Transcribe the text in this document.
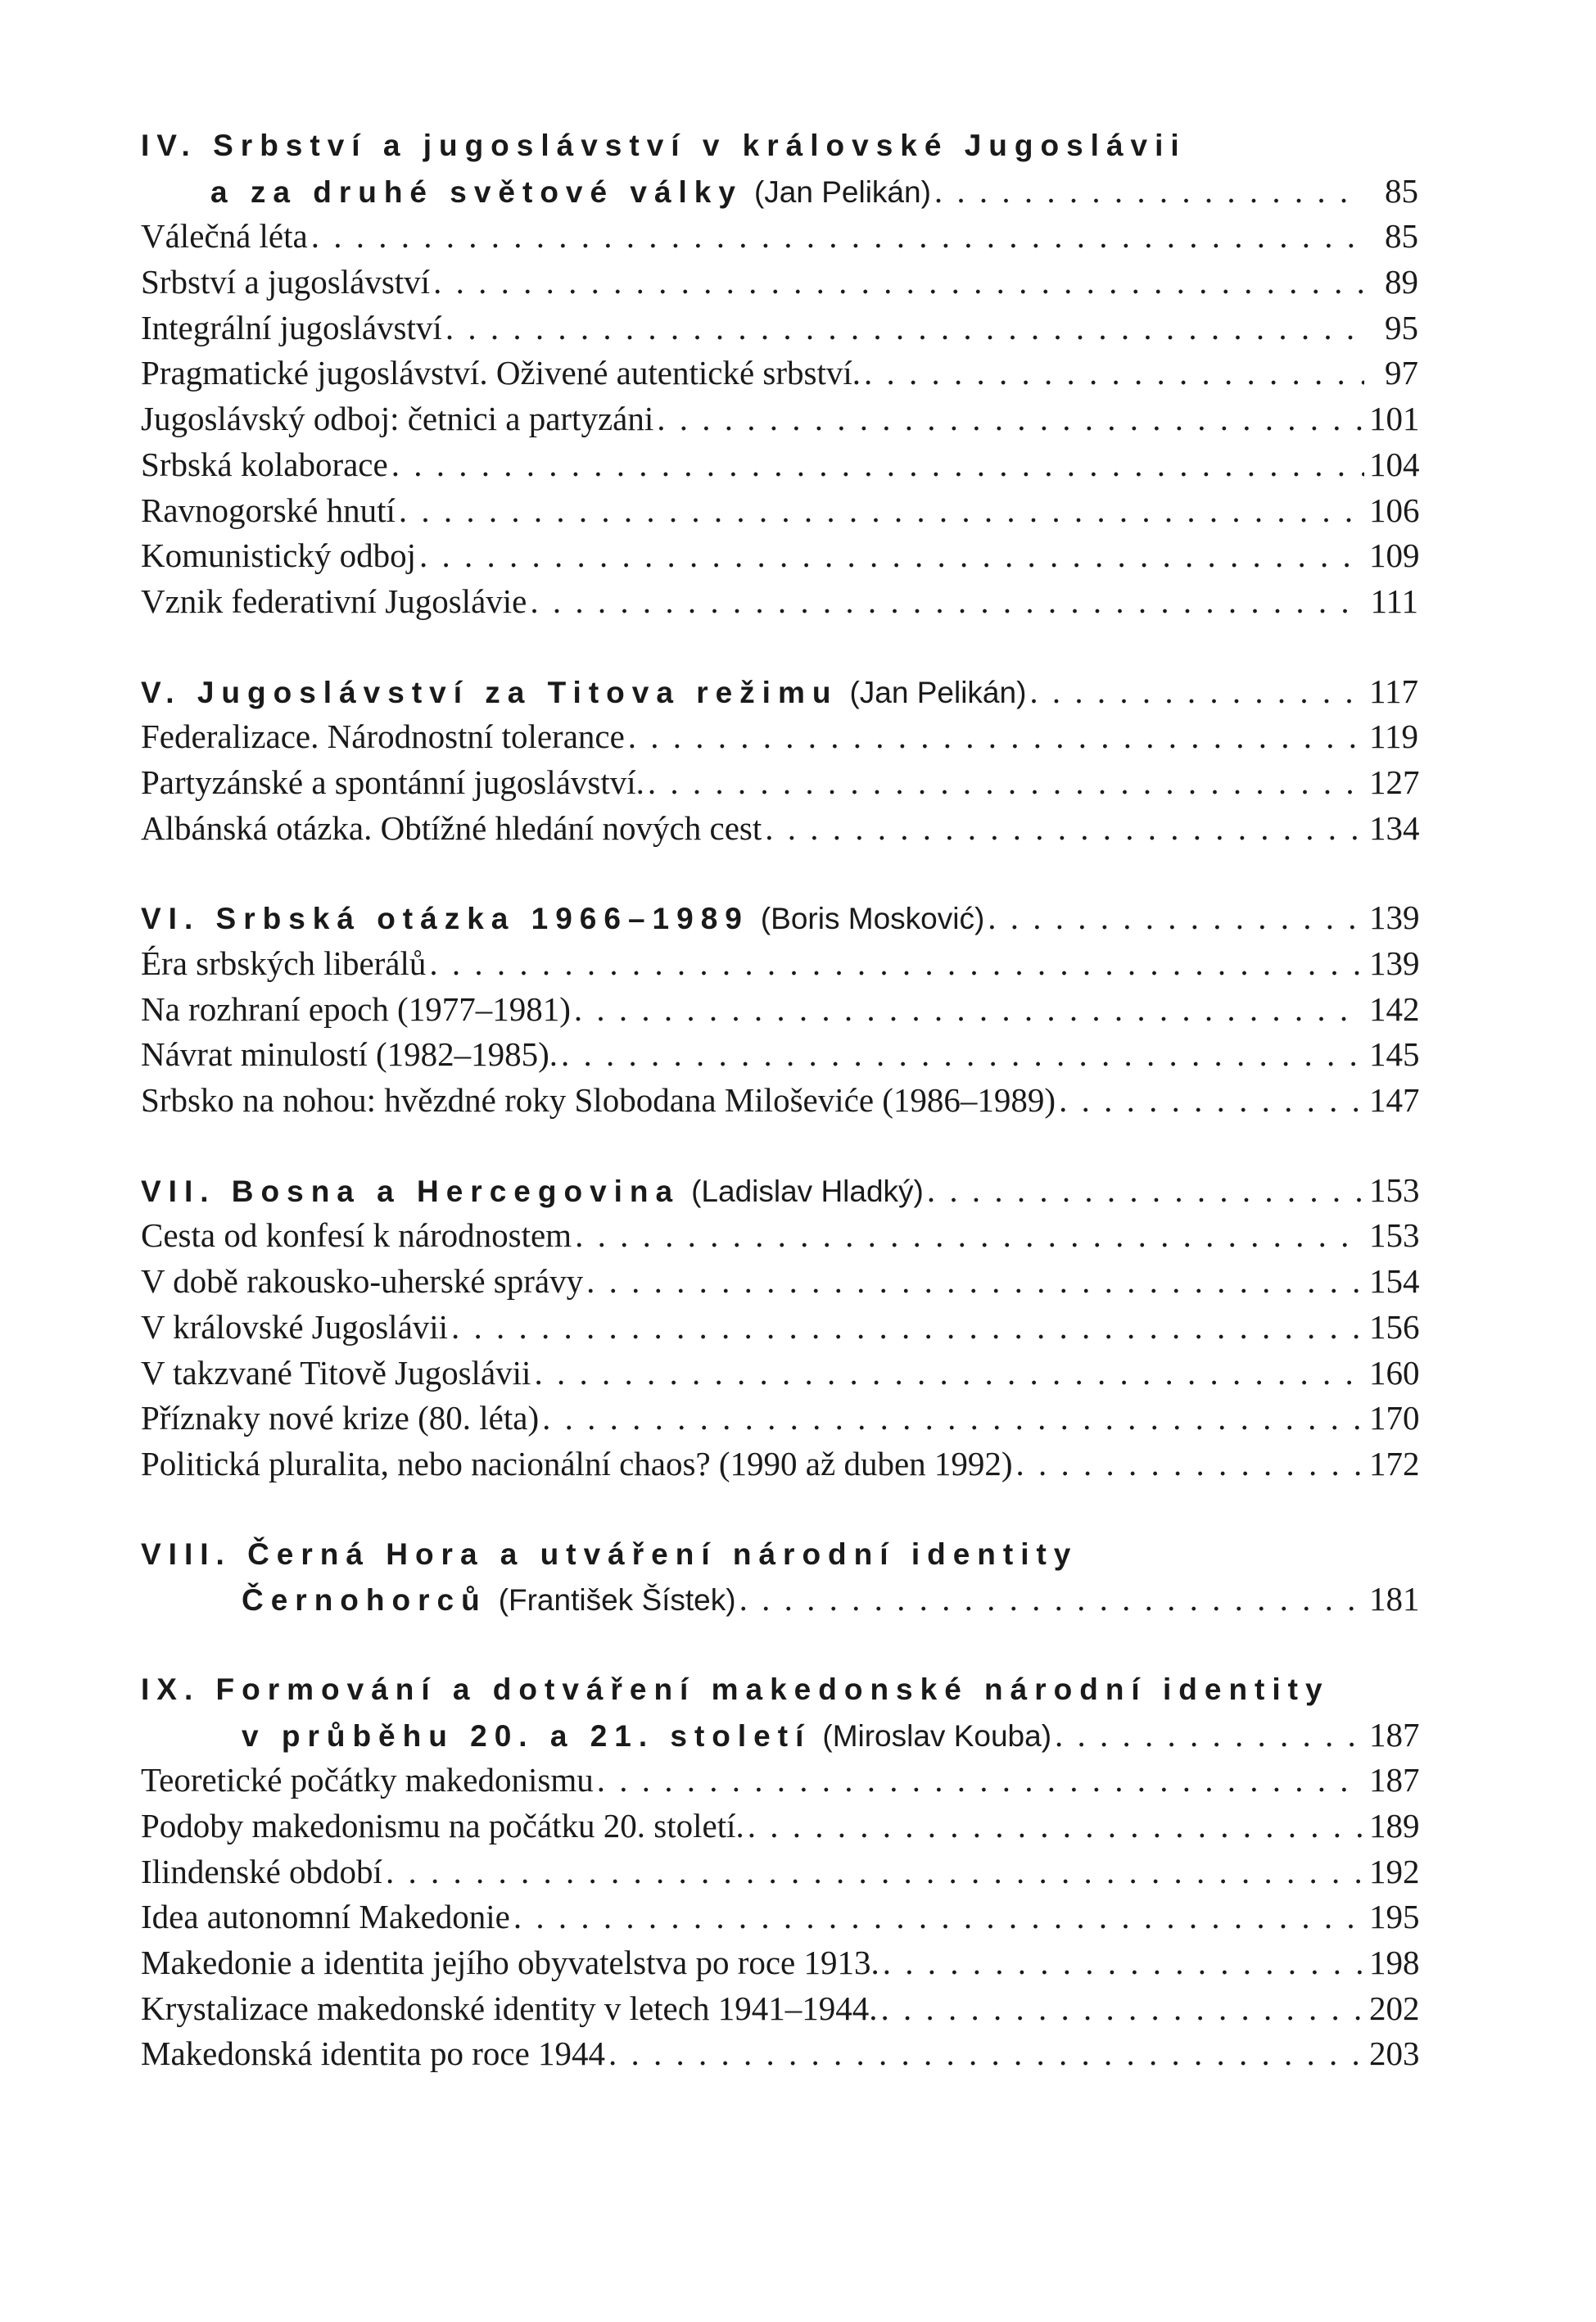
IV. Srbství a jugoslávství v královské Jugoslávii
a za druhé světové války (Jan Pelikán) . . .	85
Válečná léta . . .	85
Srbství a jugoslávství . . .	89
Integrální jugoslávství . . .	95
Pragmatické jugoslávství. Oživené autentické srbství. . . .	97
Jugoslávský odboj: četnici a partyzáni . . .	101
Srbská kolaborace . . .	104
Ravnogorské hnutí . . .	106
Komunistický odboj . . .	109
Vznik federativní Jugoslávie . . .	111
V. Jugoslávství za Titova režimu (Jan Pelikán) . . .	117
Federalizace. Národnostní tolerance . . .	119
Partyzánské a spontánní jugoslávství. . . .	127
Albánská otázka. Obtížné hledání nových cest . . .	134
VI. Srbská otázka 1966–1989 (Boris Mosković) . . .	139
Éra srbských liberálů . . .	139
Na rozhraní epoch (1977–1981) . . .	142
Návrat minulostí (1982–1985). . . .	145
Srbsko na nohou: hvězdné roky Slobodana Miloševiće (1986–1989) . . .	147
VII. Bosna a Hercegovina (Ladislav Hladký) . . .	153
Cesta od konfesí k národnostem . . .	153
V době rakousko-uherské správy . . .	154
V královské Jugoslávii . . .	156
V takzvané Titově Jugoslávii . . .	160
Příznaky nové krize (80. léta) . . .	170
Politická pluralita, nebo nacionální chaos? (1990 až duben 1992) . . .	172
VIII. Černá Hora a utváření národní identity
Černohorců (František Šístek) . . .	181
IX. Formování a dotváření makedonské národní identity
v průběhu 20. a 21. století (Miroslav Kouba) . . .	187
Teoretické počátky makedonismu . . .	187
Podoby makedonismu na počátku 20. století. . . .	189
Ilindenské období . . .	192
Idea autonomní Makedonie . . .	195
Makedonie a identita jejího obyvatelstva po roce 1913. . . .	198
Krystalizace makedonské identity v letech 1941–1944. . . .	202
Makedonská identita po roce 1944 . . .	203
